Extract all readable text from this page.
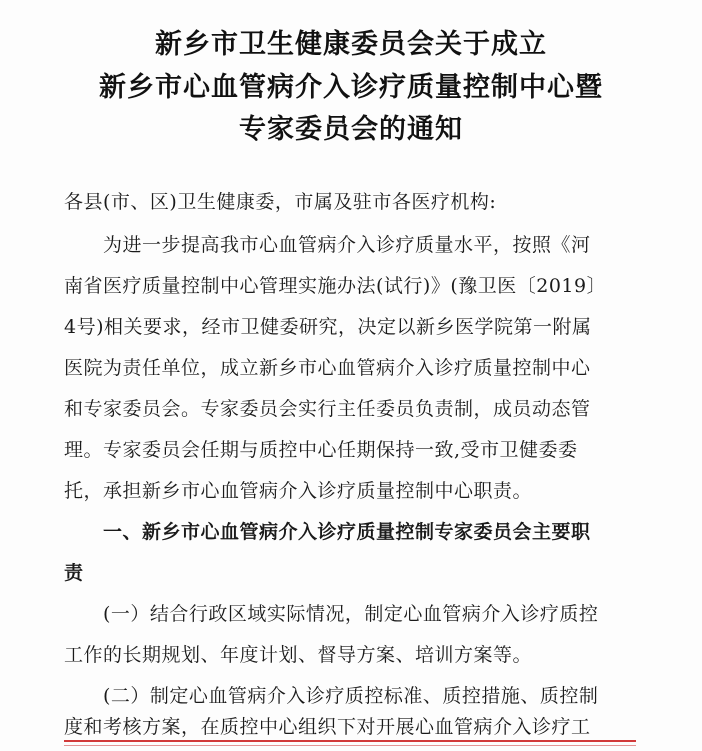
新乡市卫生健康委员会关于成立
新乡市心血管病介入诊疗质量控制中心暨
专家委员会的通知
各县(市、区)卫生健康委，市属及驻市各医疗机构:
为进一步提高我市心血管病介入诊疗质量水平，按照《河
南省医疗质量控制中心管理实施办法(试行)》(豫卫医〔2019〕
4号)相关要求，经市卫健委研究，决定以新乡医学院第一附属
医院为责任单位，成立新乡市心血管病介入诊疗质量控制中心
和专家委员会。专家委员会实行主任委员负责制，成员动态管
理。专家委员会任期与质控中心任期保持一致,受市卫健委委
托，承担新乡市心血管病介入诊疗质量控制中心职责。
一、新乡市心血管病介入诊疗质量控制专家委员会主要职
责
(一）结合行政区域实际情况，制定心血管病介入诊疗质控
工作的长期规划、年度计划、督导方案、培训方案等。
(二）制定心血管病介入诊疗质控标准、质控措施、质控制
度和考核方案，在质控中心组织下对开展心血管病介入诊疗工
